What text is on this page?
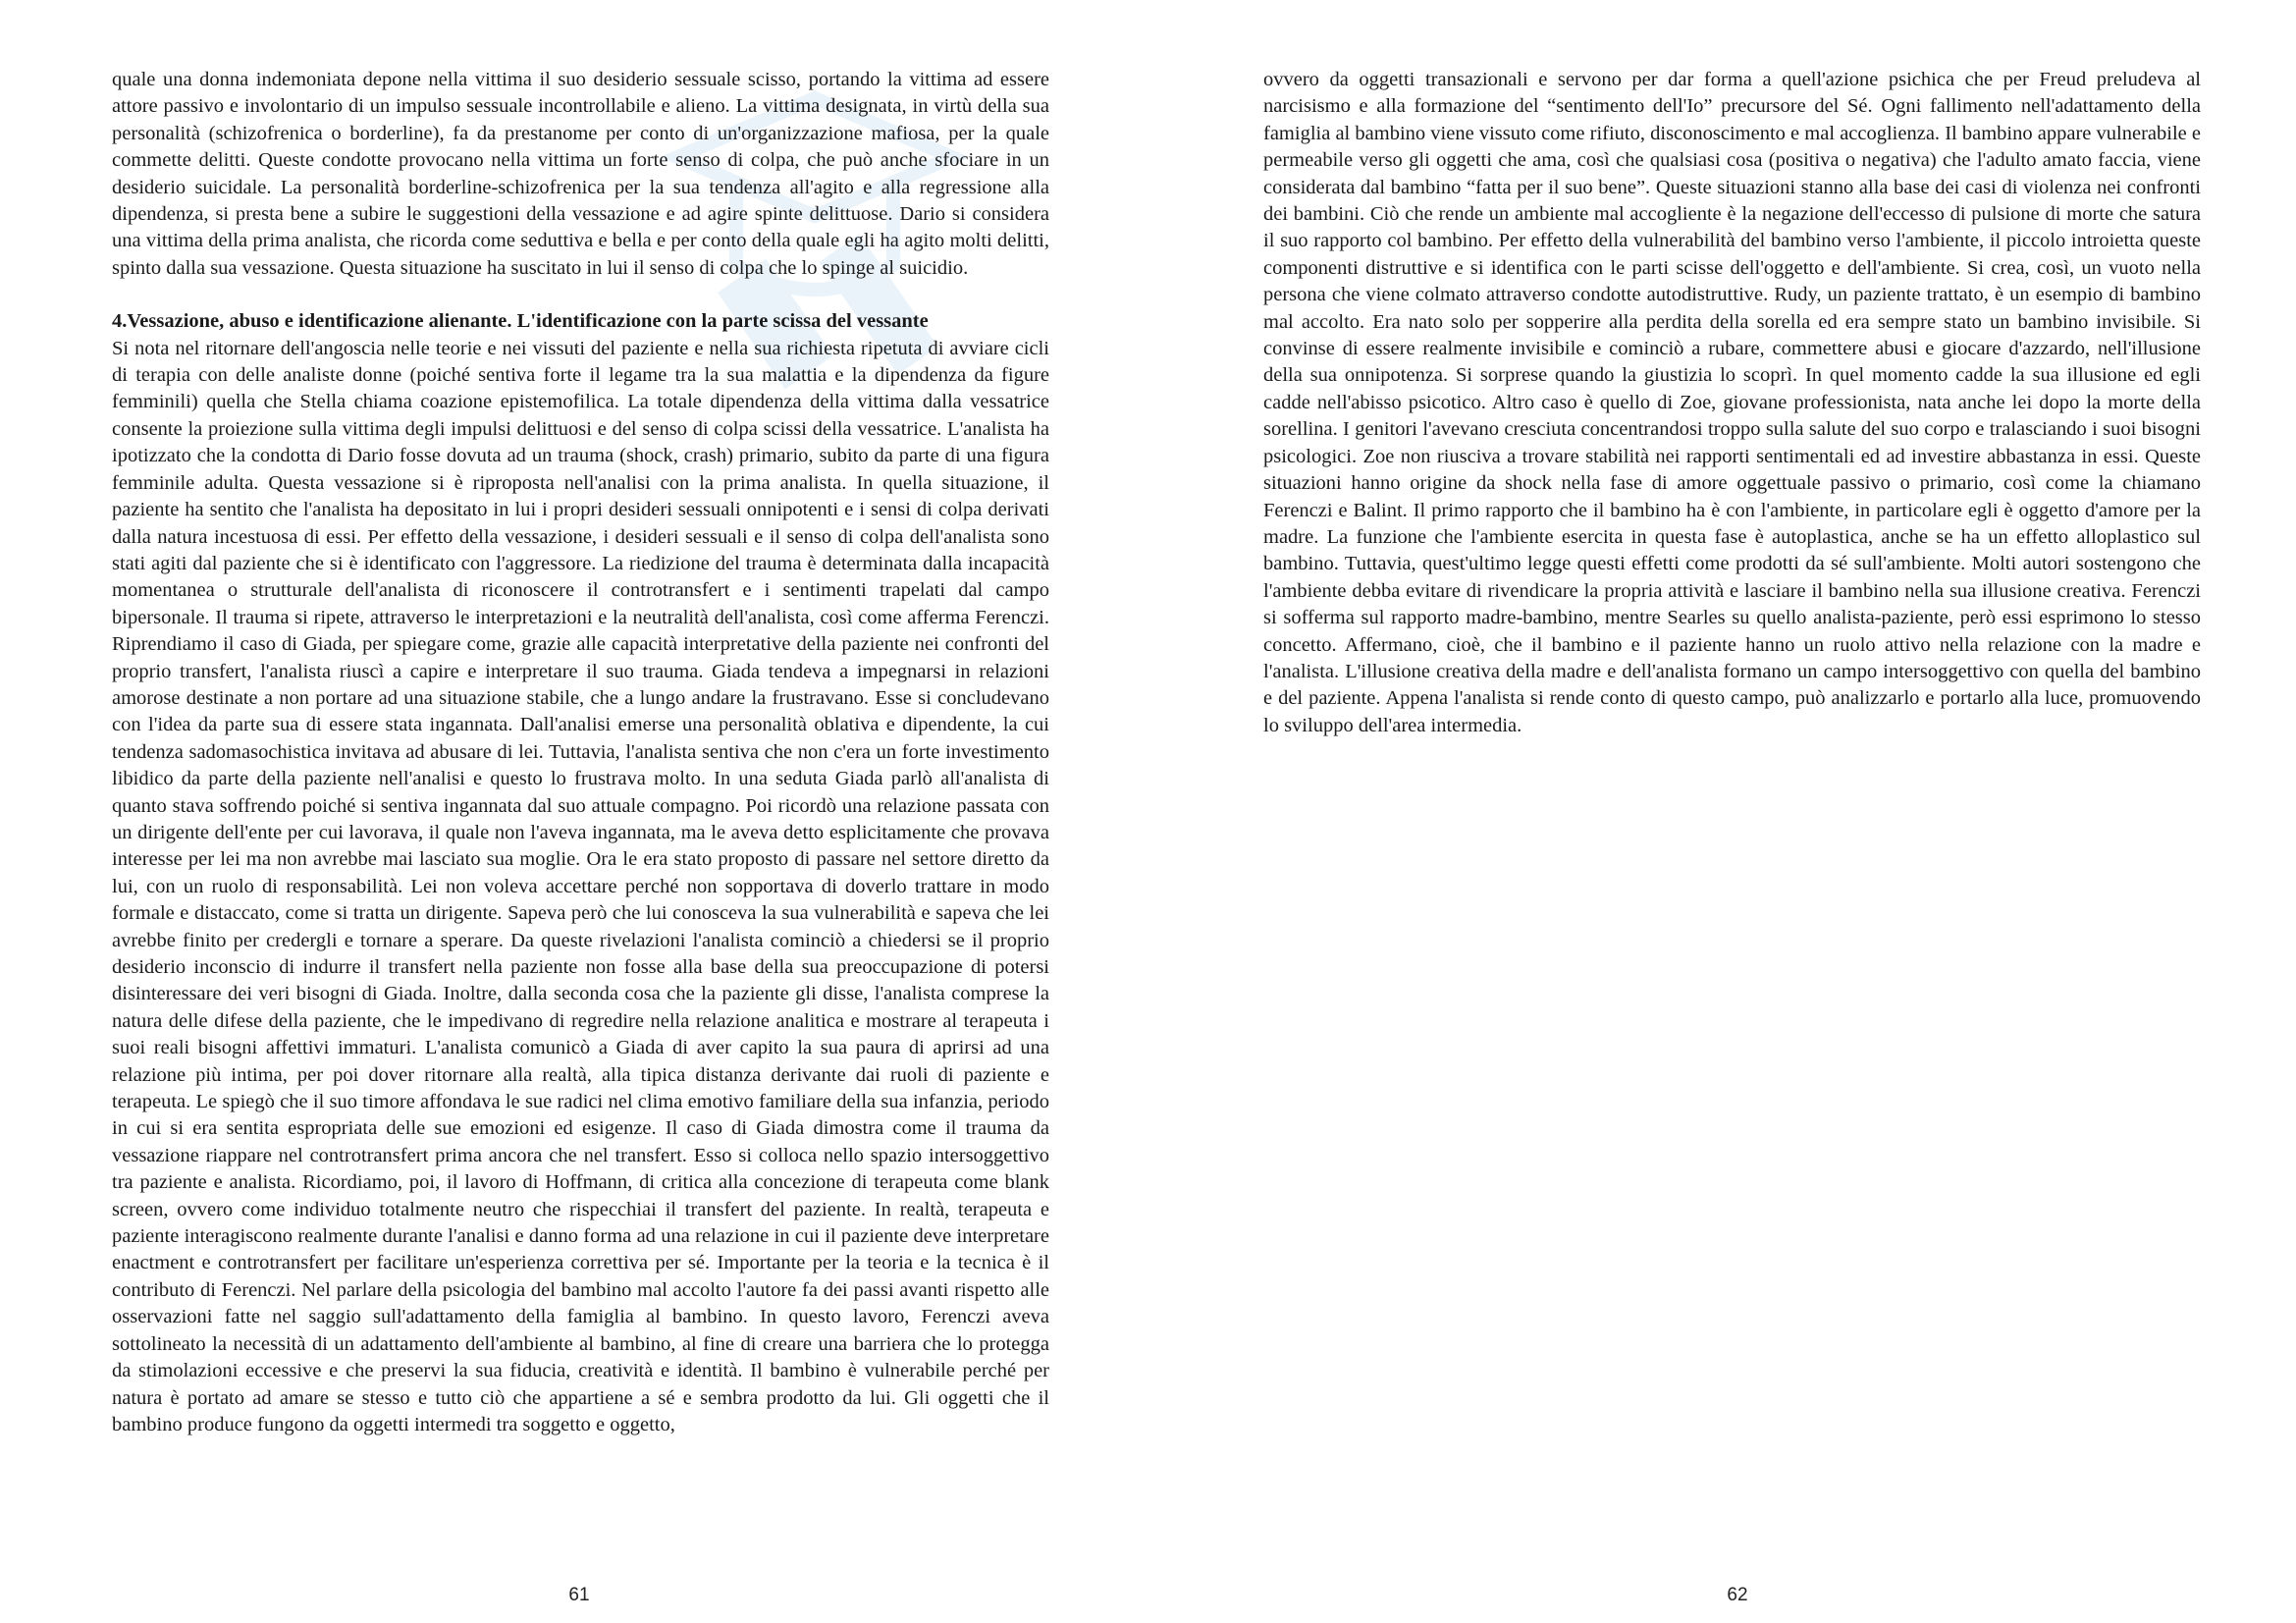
quale una donna indemoniata depone nella vittima il suo desiderio sessuale scisso, portando la vittima ad essere attore passivo e involontario di un impulso sessuale incontrollabile e alieno. La vittima designata, in virtù della sua personalità (schizofrenica o borderline), fa da prestanome per conto di un'organizzazione mafiosa, per la quale commette delitti. Queste condotte provocano nella vittima un forte senso di colpa, che può anche sfociare in un desiderio suicidale. La personalità borderline-schizofrenica per la sua tendenza all'agito e alla regressione alla dipendenza, si presta bene a subire le suggestioni della vessazione e ad agire spinte delittuose. Dario si considera una vittima della prima analista, che ricorda come seduttiva e bella e per conto della quale egli ha agito molti delitti, spinto dalla sua vessazione. Questa situazione ha suscitato in lui il senso di colpa che lo spinge al suicidio.

4.Vessazione, abuso e identificazione alienante. L'identificazione con la parte scissa del vessante

Si nota nel ritornare dell'angoscia nelle teorie e nei vissuti del paziente e nella sua richiesta ripetuta di avviare cicli di terapia con delle analiste donne (poiché sentiva forte il legame tra la sua malattia e la dipendenza da figure femminili) quella che Stella chiama coazione epistemofilica. La totale dipendenza della vittima dalla vessatrice consente la proiezione sulla vittima degli impulsi delittuosi e del senso di colpa scissi della vessatrice. L'analista ha ipotizzato che la condotta di Dario fosse dovuta ad un trauma (shock, crash) primario, subito da parte di una figura femminile adulta. Questa vessazione si è riproposta nell'analisi con la prima analista. In quella situazione, il paziente ha sentito che l'analista ha depositato in lui i propri desideri sessuali onnipotenti e i sensi di colpa derivati dalla natura incestuosa di essi. Per effetto della vessazione, i desideri sessuali e il senso di colpa dell'analista sono stati agiti dal paziente che si è identificato con l'aggressore. La riedizione del trauma è determinata dalla incapacità momentanea o strutturale dell'analista di riconoscere il controtransfert e i sentimenti trapelati dal campo bipersonale. Il trauma si ripete, attraverso le interpretazioni e la neutralità dell'analista, così come afferma Ferenczi. Riprendiamo il caso di Giada, per spiegare come, grazie alle capacità interpretative della paziente nei confronti del proprio transfert, l'analista riuscì a capire e interpretare il suo trauma. Giada tendeva a impegnarsi in relazioni amorose destinate a non portare ad una situazione stabile, che a lungo andare la frustravano. Esse si concludevano con l'idea da parte sua di essere stata ingannata. Dall'analisi emerse una personalità oblativa e dipendente, la cui tendenza sadomasochistica invitava ad abusare di lei. Tuttavia, l'analista sentiva che non c'era un forte investimento libidico da parte della paziente nell'analisi e questo lo frustrava molto. In una seduta Giada parlò all'analista di quanto stava soffrendo poiché si sentiva ingannata dal suo attuale compagno. Poi ricordò una relazione passata con un dirigente dell'ente per cui lavorava, il quale non l'aveva ingannata, ma le aveva detto esplicitamente che provava interesse per lei ma non avrebbe mai lasciato sua moglie. Ora le era stato proposto di passare nel settore diretto da lui, con un ruolo di responsabilità. Lei non voleva accettare perché non sopportava di doverlo trattare in modo formale e distaccato, come si tratta un dirigente. Sapeva però che lui conosceva la sua vulnerabilità e sapeva che lei avrebbe finito per credergli e tornare a sperare. Da queste rivelazioni l'analista cominciò a chiedersi se il proprio desiderio inconscio di indurre il transfert nella paziente non fosse alla base della sua preoccupazione di potersi disinteressare dei veri bisogni di Giada. Inoltre, dalla seconda cosa che la paziente gli disse, l'analista comprese la natura delle difese della paziente, che le impedivano di regredire nella relazione analitica e mostrare al terapeuta i suoi reali bisogni affettivi immaturi. L'analista comunicò a Giada di aver capito la sua paura di aprirsi ad una relazione più intima, per poi dover ritornare alla realtà, alla tipica distanza derivante dai ruoli di paziente e terapeuta. Le spiegò che il suo timore affondava le sue radici nel clima emotivo familiare della sua infanzia, periodo in cui si era sentita espropriata delle sue emozioni ed esigenze. Il caso di Giada dimostra come il trauma da vessazione riappare nel controtransfert prima ancora che nel transfert. Esso si colloca nello spazio intersoggettivo tra paziente e analista. Ricordiamo, poi, il lavoro di Hoffmann, di critica alla concezione di terapeuta come blank screen, ovvero come individuo totalmente neutro che rispecchiai il transfert del paziente. In realtà, terapeuta e paziente interagiscono realmente durante l'analisi e danno forma ad una relazione in cui il paziente deve interpretare enactment e controtransfert per facilitare un'esperienza correttiva per sé. Importante per la teoria e la tecnica è il contributo di Ferenczi. Nel parlare della psicologia del bambino mal accolto l'autore fa dei passi avanti rispetto alle osservazioni fatte nel saggio sull'adattamento della famiglia al bambino. In questo lavoro, Ferenczi aveva sottolineato la necessità di un adattamento dell'ambiente al bambino, al fine di creare una barriera che lo protegga da stimolazioni eccessive e che preservi la sua fiducia, creatività e identità. Il bambino è vulnerabile perché per natura è portato ad amare se stesso e tutto ciò che appartiene a sé e sembra prodotto da lui. Gli oggetti che il bambino produce fungono da oggetti intermedi tra soggetto e oggetto,

61

ovvero da oggetti transazionali e servono per dar forma a quell'azione psichica che per Freud preludeva al narcisismo e alla formazione del “sentimento dell'Io” precursore del Sé. Ogni fallimento nell'adattamento della famiglia al bambino viene vissuto come rifiuto, disconoscimento e mal accoglienza. Il bambino appare vulnerabile e permeabile verso gli oggetti che ama, così che qualsiasi cosa (positiva o negativa) che l'adulto amato faccia, viene considerata dal bambino “fatta per il suo bene”. Queste situazioni stanno alla base dei casi di violenza nei confronti dei bambini. Ciò che rende un ambiente mal accogliente è la negazione dell'eccesso di pulsione di morte che satura il suo rapporto col bambino. Per effetto della vulnerabilità del bambino verso l'ambiente, il piccolo introietta queste componenti distruttive e si identifica con le parti scisse dell'oggetto e dell'ambiente. Si crea, così, un vuoto nella persona che viene colmato attraverso condotte autodistruttive. Rudy, un paziente trattato, è un esempio di bambino mal accolto. Era nato solo per sopperire alla perdita della sorella ed era sempre stato un bambino invisibile. Si convinse di essere realmente invisibile e cominciò a rubare, commettere abusi e giocare d'azzardo, nell'illusione della sua onnipotenza. Si sorprese quando la giustizia lo scoprì. In quel momento cadde la sua illusione ed egli cadde nell'abisso psicotico. Altro caso è quello di Zoe, giovane professionista, nata anche lei dopo la morte della sorellina. I genitori l'avevano cresciuta concentrandosi troppo sulla salute del suo corpo e tralasciando i suoi bisogni psicologici. Zoe non riusciva a trovare stabilità nei rapporti sentimentali ed ad investire abbastanza in essi. Queste situazioni hanno origine da shock nella fase di amore oggettuale passivo o primario, così come la chiamano Ferenczi e Balint. Il primo rapporto che il bambino ha è con l'ambiente, in particolare egli è oggetto d'amore per la madre. La funzione che l'ambiente esercita in questa fase è autoplastica, anche se ha un effetto alloplastico sul bambino. Tuttavia, quest'ultimo legge questi effetti come prodotti da sé sull'ambiente. Molti autori sostengono che l'ambiente debba evitare di rivendicare la propria attività e lasciare il bambino nella sua illusione creativa. Ferenczi si sofferma sul rapporto madre-bambino, mentre Searles su quello analista-paziente, però essi esprimono lo stesso concetto. Affermano, cioè, che il bambino e il paziente hanno un ruolo attivo nella relazione con la madre e l'analista. L'illusione creativa della madre e dell'analista formano un campo intersoggettivo con quella del bambino e del paziente. Appena l'analista si rende conto di questo campo, può analizzarlo e portarlo alla luce, promuovendo lo sviluppo dell'area intermedia.

62
